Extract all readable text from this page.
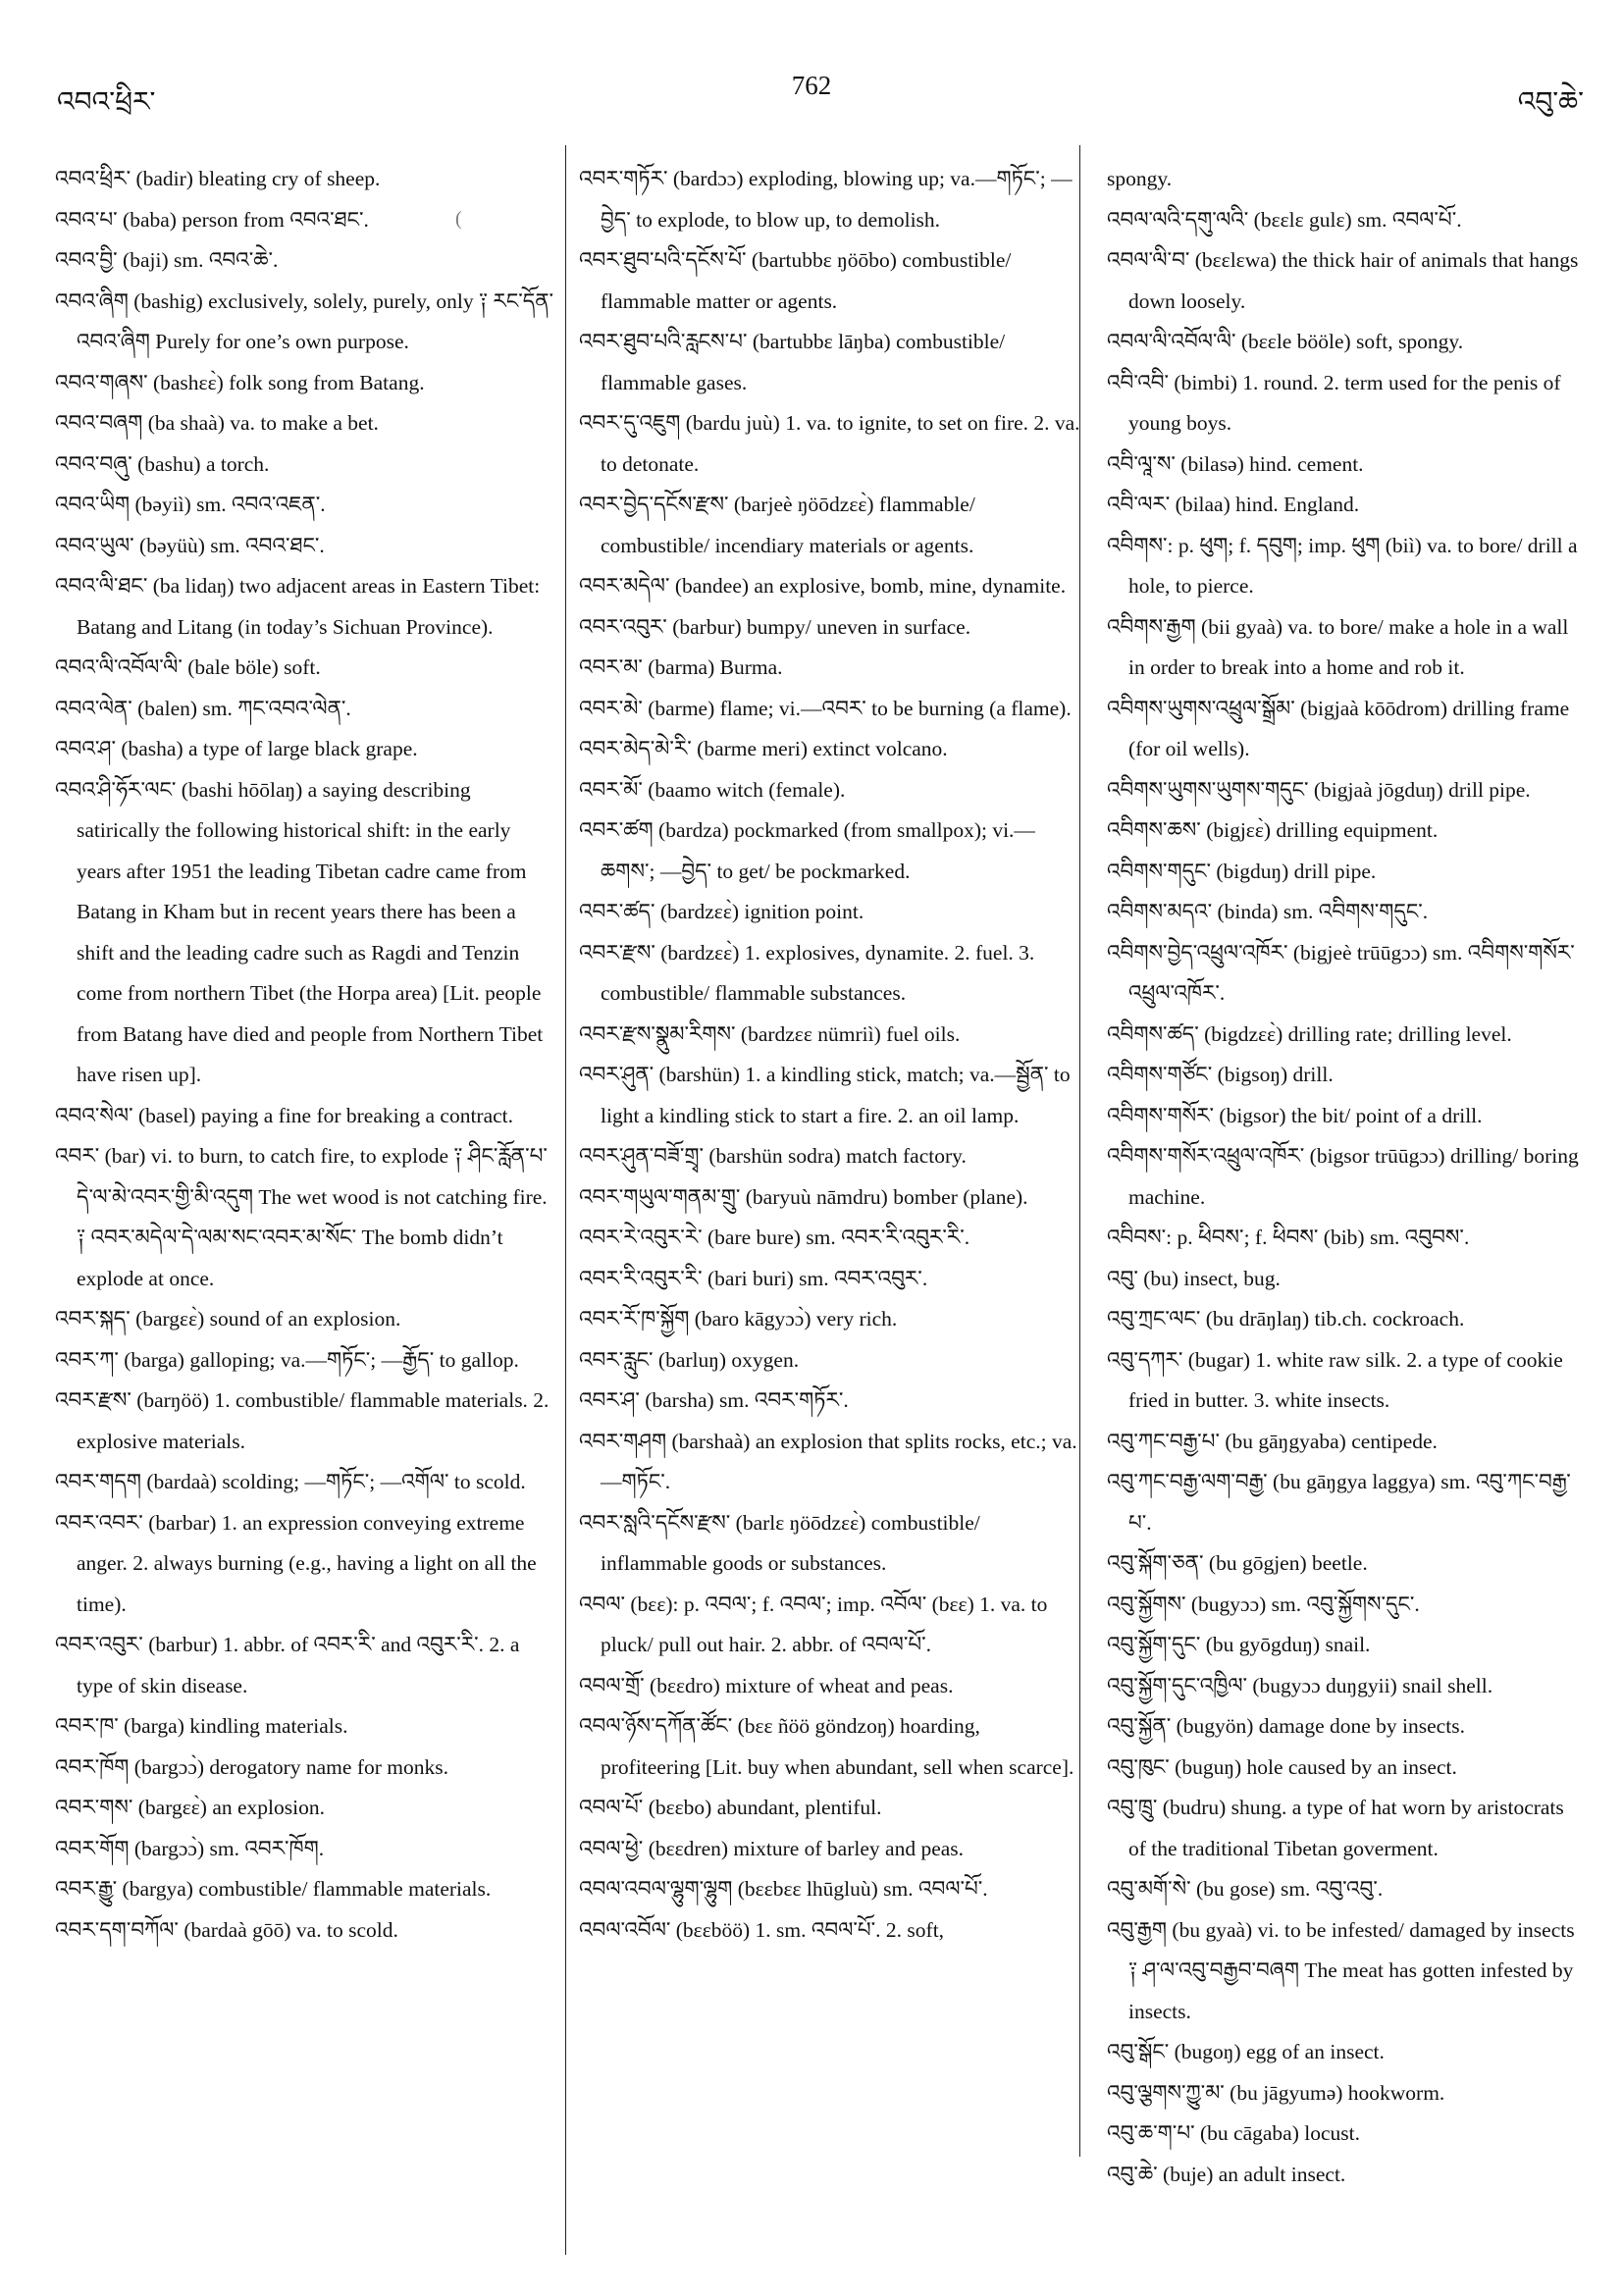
འབའ་ཕྲིར་
762
འབུ་ཆེ་

འབའ་ཕྲིར་ (badir) bleating cry of sheep.

འབའ་པ་ (baba) person from འབའ་ཐང་.

འབའ་བྱི་ (baji) sm. འབའ་ཆེ་.

འབའ་ཞིག (bashig) exclusively, solely, purely, only ༑ རང་དོན་འབའ་ཞིག Purely for one’s own purpose.

འབའ་གཞས་ (bashɛɛ̀) folk song from Batang.

འབའ་བཞག (ba shaà) va. to make a bet.

འབའ་བཞུ་ (bashu) a torch.

འབའ་ཡིག (bəyiì) sm. འབའ་འཇན་.

འབའ་ཡུལ་ (bəyüù) sm. འབའ་ཐང་.

འབའ་ལི་ཐང་ (ba lidaŋ) two adjacent areas in Eastern Tibet: Batang and Litang (in today’s Sichuan Province).

འབའ་ལི་འབོལ་ལི་ (bale böle) soft.

འབའ་ལེན་ (balen) sm. ཀང་འབའ་ལེན་.

འབའ་ཤ་ (basha) a type of large black grape.

འབའ་ཤི་ཧོར་ལང་ (bashi hōōlaŋ) a saying describing satirically the following historical shift: in the early years after 1951 the leading Tibetan cadre came from Batang in Kham but in recent years there has been a shift and the leading cadre such as Ragdi and Tenzin come from northern Tibet (the Horpa area) [Lit. people from Batang have died and people from Northern Tibet have risen up].

འབའ་སེལ་ (basel) paying a fine for breaking a contract.

འབར་ (bar) vi. to burn, to catch fire, to explode ༑ ཤིང་རློན་པ་དེ་ལ་མེ་འབར་གྱི་མི་འདུག The wet wood is not catching fire. ༑ འབར་མདེལ་དེ་ལམ་སང་འབར་མ་སོང་ The bomb didn’t explode at once.

འབར་སྐད་ (bargɛɛ̀) sound of an explosion.

འབར་ཀ་ (barga) galloping; va.—གཏོང་; —རྒྱོད་ to gallop.

འབར་རྫས་ (barŋöö) 1. combustible/ flammable materials. 2. explosive materials.

འབར་གདག (bardaà) scolding; —གཏོང་; —འགོལ་ to scold.

འབར་འབར་ (barbar) 1. an expression conveying extreme anger. 2. always burning (e.g., having a light on all the time).

འབར་འབུར་ (barbur) 1. abbr. of འབར་རི་ and འབུར་རི་. 2. a type of skin disease.

འབར་ཁ་ (barga) kindling materials.

འབར་ཁོག (bargɔɔ̀) derogatory name for monks.

འབར་གས་ (bargɛɛ̀) an explosion.

འབར་གོག (bargɔɔ̀) sm. འབར་ཁོག.

འབར་རྒྱུ་ (bargya) combustible/ flammable materials.

འབར་དག་བཀོལ་ (bardaà gōō) va. to scold.

འབར་གཏོར་ (bardɔɔ) exploding, blowing up; va.—གཏོང་; —བྱེད་ to explode, to blow up, to demolish.

འབར་ཐུབ་པའི་དངོས་པོ་ (bartubbɛ ŋöōbo) combustible/ flammable matter or agents.

འབར་ཐུབ་པའི་རླངས་པ་ (bartubbɛ lāŋba) combustible/ flammable gases.

འབར་དུ་འཇུག (bardu juù) 1. va. to ignite, to set on fire. 2. va. to detonate.

འབར་བྱེད་དངོས་རྫས་ (barjeè ŋöōdzɛɛ̀) flammable/ combustible/ incendiary materials or agents.

འབར་མདེལ་ (bandee) an explosive, bomb, mine, dynamite.

འབར་འབུར་ (barbur) bumpy/ uneven in surface.

འབར་མ་ (barma) Burma.

འབར་མེ་ (barme) flame; vi.—འབར་ to be burning (a flame).

འབར་མེད་མེ་རི་ (barme meri) extinct volcano.

འབར་མོ་ (baamo witch (female).

འབར་ཚག (bardza) pockmarked (from smallpox); vi.—ཆགས་; —བྱེད་ to get/ be pockmarked.

འབར་ཚད་ (bardzɛɛ̀) ignition point.

འབར་རྫས་ (bardzɛɛ̀) 1. explosives, dynamite. 2. fuel. 3. combustible/ flammable substances.

འབར་རྫས་སྣུམ་རིགས་ (bardzɛɛ nümriì) fuel oils.

འབར་ཤུན་ (barshün) 1. a kindling stick, match; va.—སྦྱོན་ to light a kindling stick to start a fire. 2. an oil lamp.

འབར་ཤུན་བཟོ་གྲྭ་ (barshün sodra) match factory.

འབར་གཡུལ་གནམ་གྲུ་ (baryuù nāmdru) bomber (plane).

འབར་རེ་འབུར་རེ་ (bare bure) sm. འབར་རི་འབུར་རི་.

འབར་རི་འབུར་རི་ (bari buri) sm. འབར་འབུར་.

འབར་རོ་ཁ་སྐྱོག (baro kāgyɔɔ̀) very rich.

འབར་རླུང་ (barluŋ) oxygen.

འབར་ཤ་ (barsha) sm. འབར་གཏོར་.

འབར་གཤག (barshaà) an explosion that splits rocks, etc.; va.—གཏོང་.

འབར་སླའི་དངོས་རྫས་ (barlɛ ŋöōdzɛɛ̀) combustible/ inflammable goods or substances.

འབལ་ (bɛɛ): p. འབལ་; f. འབལ་; imp. འབོལ་ (bɛɛ) 1. va. to pluck/ pull out hair. 2. abbr. of འབལ་པོ་.

འབལ་གྲོ་ (bɛɛdro) mixture of wheat and peas.

འབལ་ཉོས་དཀོན་ཚོང་ (bɛɛ ñöö göndzoŋ) hoarding, profiteering [Lit. buy when abundant, sell when scarce].

འབལ་པོ་ (bɛɛbo) abundant, plentiful.

འབལ་ཕྱེ་ (bɛɛdren) mixture of barley and peas.

འབལ་འབལ་ལྷུག་ལྷུག (bɛɛbɛɛ lhūgluù) sm. འབལ་པོ་.

འབལ་འབོལ་ (bɛɛböö) 1. sm. འབལ་པོ་. 2. soft,

spongy.

འབལ་ལའི་དགུ་ལའི་ (bɛɛlɛ gulɛ) sm. འབལ་པོ་.

འབལ་ལི་བ་ (bɛɛlɛwa) the thick hair of animals that hangs down loosely.

འབལ་ལི་འབོལ་ལི་ (bɛɛle bööle) soft, spongy.

འབི་འབི་ (bimbi) 1. round. 2. term used for the penis of young boys.

འབི་ལཱ་ས་ (bilasə) hind. cement.

འབི་ལར་ (bilaa) hind. England.

འབིགས་: p. ཕུག; f. དབུག; imp. ཕུག (biì) va. to bore/ drill a hole, to pierce.

འབིགས་རྒྱག (bii gyaà) va. to bore/ make a hole in a wall in order to break into a home and rob it.

འབིགས་ཡུགས་འཕྲུལ་སྒྲོམ་ (bigjaà kōōdrom) drilling frame (for oil wells).

འབིགས་ཡུགས་ཡུགས་གདུང་ (bigjaà jōgduŋ) drill pipe.

འབིགས་ཆས་ (bigjɛɛ̀) drilling equipment.

འབིགས་གདུང་ (bigduŋ) drill pipe.

འབིགས་མདའ་ (binda) sm. འབིགས་གདུང་.

འབིགས་བྱེད་འཕྲུལ་འཁོར་ (bigjeè trūūgɔɔ) sm. འབིགས་གསོར་འཕྲུལ་འཁོར་.

འབིགས་ཚད་ (bigdzɛɛ̀) drilling rate; drilling level.

འབིགས་གཙོང་ (bigsoŋ) drill.

འབིགས་གསོར་ (bigsor) the bit/ point of a drill.

འབིགས་གསོར་འཕྲུལ་འཁོར་ (bigsor trūūgɔɔ) drilling/ boring machine.

འབིབས་: p. ཕིབས་; f. ཕིབས་ (bib) sm. འབུབས་.

འབུ་ (bu) insect, bug.

འབུ་ཀྲང་ལང་ (bu drāŋlaŋ) tib.ch. cockroach.

འབུ་དཀར་ (bugar) 1. white raw silk. 2. a type of cookie fried in butter. 3. white insects.

འབུ་ཀང་བརྒྱ་པ་ (bu gāŋgyaba) centipede.

འབུ་ཀང་བརྒྱ་ལག་བརྒྱ་ (bu gāŋgya laggya) sm. འབུ་ཀང་བརྒྱ་པ་.

འབུ་སྐོག་ཅན་ (bu gōgjen) beetle.

འབུ་སྐྱོགས་ (bugyɔɔ) sm. འབུ་སྐྱོགས་དུང་.

འབུ་སྐྱོག་དུང་ (bu gyōgduŋ) snail.

འབུ་སྐྱོག་དུང་འཁྱིལ་ (bugyɔɔ duŋgyii) snail shell.

འབུ་སྐྱོན་ (bugyön) damage done by insects.

འབུ་ཁུང་ (buguŋ) hole caused by an insect.

འབུ་ཁྲུ་ (budru) shung. a type of hat worn by aristocrats of the traditional Tibetan goverment.

འབུ་མགོ་སེ་ (bu gose) sm. འབུ་འབུ་.

འབུ་རྒྱག (bu gyaà) vi. to be infested/ damaged by insects ༑ ཤ་ལ་འབུ་བརྒྱབ་བཞག The meat has gotten infested by insects.

འབུ་སྒོང་ (bugoŋ) egg of an insect.

འབུ་ལྕགས་ཀྱུ་མ་ (bu jāgyumə) hookworm.

འབུ་ཆ་ག་པ་ (bu cāgaba) locust.

འབུ་ཆེ་ (buje) an adult insect.

(
